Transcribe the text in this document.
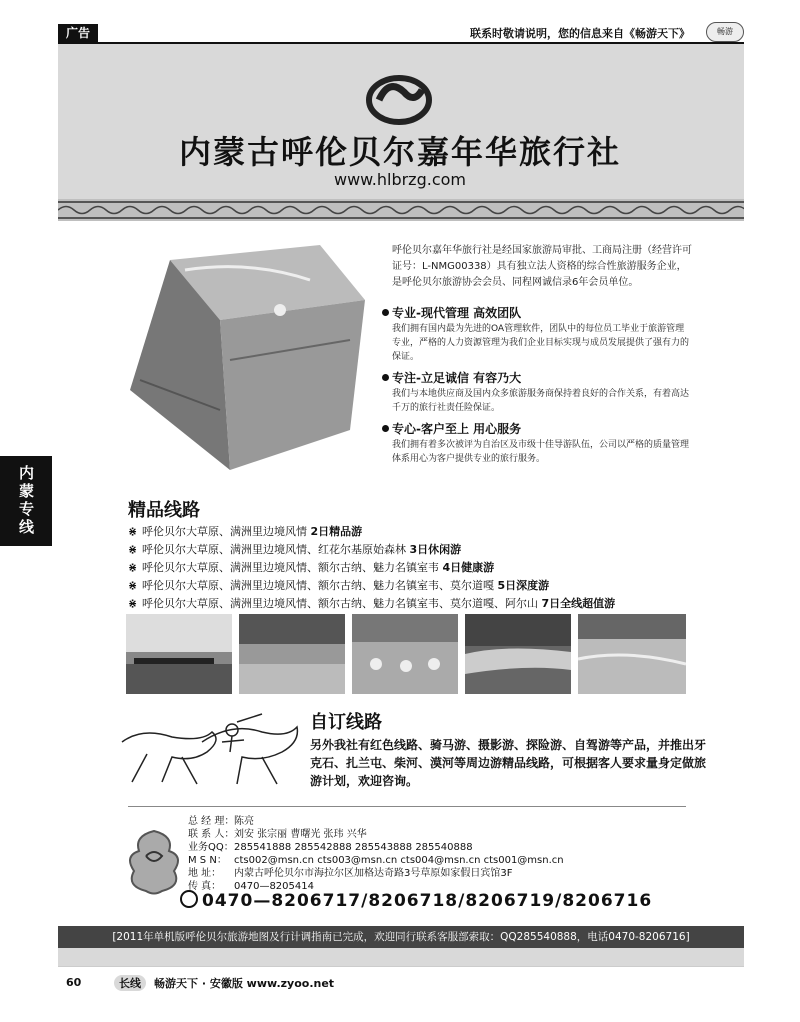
广告	联系时敬请说明，您的信息来自《畅游天下》	畅游
内蒙古呼伦贝尔嘉年华旅行社
www.hlbrzg.com
内蒙专线
呼伦贝尔嘉年华旅行社是经国家旅游局审批、工商局注册（经营许可证号：L-NMG00338）具有独立法人资格的综合性旅游服务企业，是呼伦贝尔旅游协会会员、同程网诚信录6年会员单位。
专业-现代管理 高效团队
我们拥有国内最为先进的OA管理软件，团队中的每位员工毕业于旅游管理专业，严格的人力资源管理为我们企业目标实现与成员发展提供了强有力的保证。
专注-立足诚信 有容乃大
我们与本地供应商及国内众多旅游服务商保持着良好的合作关系，有着高达千万的旅行社责任险保证。
专心-客户至上 用心服务
我们拥有着多次被评为自治区及市级十佳导游队伍，公司以严格的质量管理体系用心为客户提供专业的旅行服务。
精品线路
⋇ 呼伦贝尔大草原、满洲里边境风情 2日精品游
⋇ 呼伦贝尔大草原、满洲里边境风情、红花尔基原始森林 3日休闲游
⋇ 呼伦贝尔大草原、满洲里边境风情、额尔古纳、魅力名镇室韦 4日健康游
⋇ 呼伦贝尔大草原、满洲里边境风情、额尔古纳、魅力名镇室韦、莫尔道嘎 5日深度游
⋇ 呼伦贝尔大草原、满洲里边境风情、额尔古纳、魅力名镇室韦、莫尔道嘎、阿尔山 7日全线超值游
自订线路
另外我社有红色线路、骑马游、摄影游、探险游、自驾游等产品，并推出牙克石、扎兰屯、柴河、漠河等周边游精品线路，可根据客人要求量身定做旅游计划，欢迎咨询。
总 经 理：陈亮
联 系 人：刘安 张宗丽 曹曙光 张玮 兴华
业务QQ：285541888 285542888 285543888 285540888
M S N： cts002@msn.cn cts003@msn.cn cts004@msn.cn cts001@msn.cn
地 址： 内蒙古呼伦贝尔市海拉尔区加格达奇路3号草原如家假日宾馆3F
传 真： 0470—8205414
0470—8206717/8206718/8206719/8206716
[2011年单机版呼伦贝尔旅游地图及行计调指南已完成，欢迎同行联系客服部索取：QQ285540888，电话0470-8206716]
60	长线 畅游天下 · 安徽版 www.zyoo.net
